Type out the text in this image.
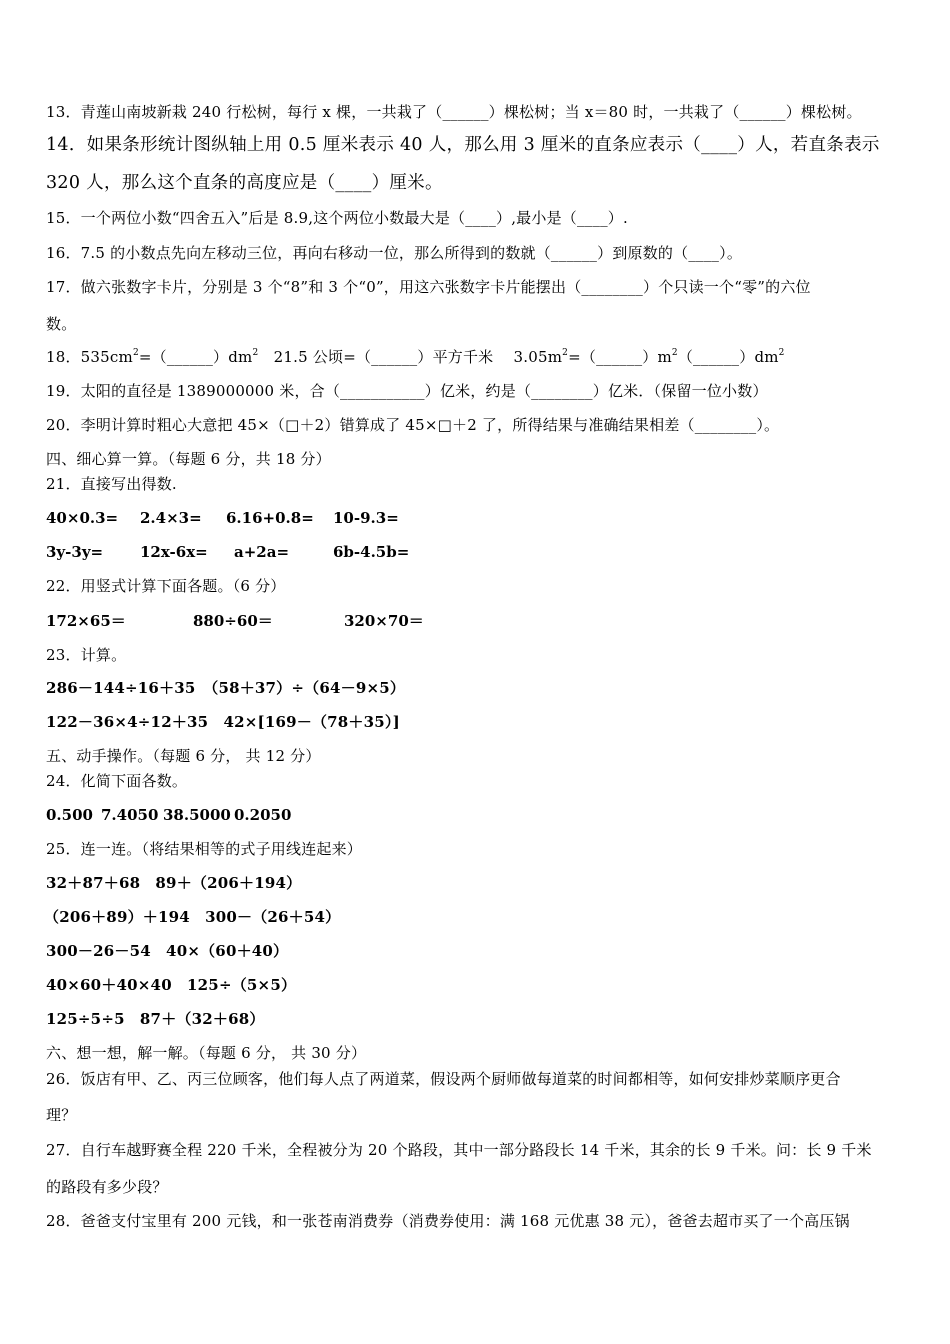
13．青莲山南坡新栽 240 行松树，每行 x 棵，一共栽了（______）棵松树；当 x＝80 时，一共栽了（______）棵松树。
14．如果条形统计图纵轴上用 0.5 厘米表示 40 人，那么用 3 厘米的直条应表示（____）人，若直条表示
320 人，那么这个直条的高度应是（____）厘米。
15．一个两位小数“四舍五入”后是 8.9,这个两位小数最大是（____）,最小是（____）.
16．7.5 的小数点先向左移动三位，再向右移动一位，那么所得到的数就（______）到原数的（____）。
17．做六张数字卡片，分别是 3 个“8”和 3 个“0”，用这六张数字卡片能摆出（________）个只读一个“零”的六位
数。
18．$535cm^2=(\_\_\_\_\_\_)dm^2$　21.5 公顷=（______）平方千米　 $3.05m^2=(\_\_\_\_\_\_)m^2(\_\_\_\_\_\_)dm^2$
19．太阳的直径是 1389000000 米，合（___________）亿米，约是（________）亿米．（保留一位小数）
20．李明计算时粗心大意把 45×（□＋2）错算成了 45×□＋2 了，所得结果与准确结果相差（________）。
四、细心算一算。（每题 6 分，共 18 分）
21．直接写出得数.
40×0.3= 2.4×3= 6.16+0.8= 10-9.3=
3y-3y= 12x-6x= a+2a=	6b-4.5b=
22．用竖式计算下面各题。（6 分）
172×65＝	880÷60＝	320×70＝
23．计算。
286－144÷16＋35　（58＋37）÷（64－9×5）
122－36×4÷12＋35　42×[169－（78＋35）]
五、动手操作。（每题 6 分， 共 12 分）
24．化简下面各数。
0.500 7.4050 38.5000 0.2050
25．连一连。（将结果相等的式子用线连起来）
32＋87＋68　89＋（206＋194）
（206＋89）＋194　300－（26＋54）
300－26－54　40×（60＋40）
40×60＋40×40　125÷（5×5）
125÷5÷5　87＋（32＋68）
六、想一想，解一解。（每题 6 分， 共 30 分）
26．饭店有甲、乙、丙三位顾客，他们每人点了两道菜，假设两个厨师做每道菜的时间都相等，如何安排炒菜顺序更合
理？
27．自行车越野赛全程 220 千米，全程被分为 20 个路段，其中一部分路段长 14 千米，其余的长 9 千米。问：长 9 千米
的路段有多少段？
28．爸爸支付宝里有 200 元钱，和一张苍南消费券（消费券使用：满 168 元优惠 38 元），爸爸去超市买了一个高压锅
